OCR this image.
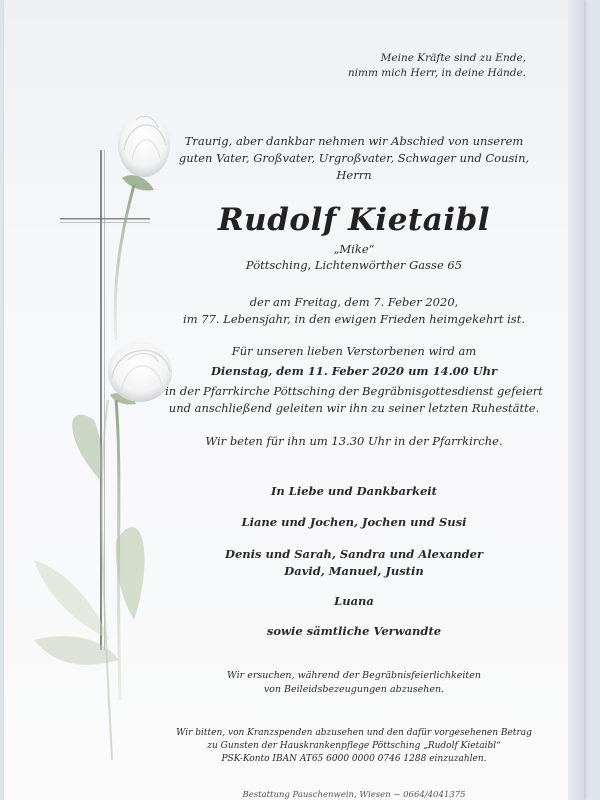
Meine Kräfte sind zu Ende,
nimm mich Herr, in deine Hände.
Traurig, aber dankbar nehmen wir Abschied von unserem
guten Vater, Großvater, Urgroßvater, Schwager und Cousin,
Herrn
Rudolf Kietaibl
„Mike“
Pöttsching, Lichtenwörther Gasse 65
der am Freitag, dem 7. Feber 2020,
im 77. Lebensjahr, in den ewigen Frieden heimgekehrt ist.
Für unseren lieben Verstorbenen wird am
Dienstag, dem 11. Feber 2020 um 14.00 Uhr
in der Pfarrkirche Pöttsching der Begräbnisgottesdienst gefeiert
und anschließend geleiten wir ihn zu seiner letzten Ruhestätte.
Wir beten für ihn um 13.30 Uhr in der Pfarrkirche.
In Liebe und Dankbarkeit
Liane und Jochen, Jochen und Susi
Denis und Sarah, Sandra und Alexander
David, Manuel, Justin
Luana
sowie sämtliche Verwandte
Wir ersuchen, während der Begräbnisfeierlichkeiten
von Beileidsbezeugungen abzusehen.
Wir bitten, von Kranzspenden abzusehen und den dafür vorgesehenen Betrag
zu Gunsten der Hauskrankenpflege Pöttsching „Rudolf Kietaibl“
PSK-Konto IBAN AT65 6000 0000 0746 1288 einzuzahlen.
Bestattung Pauschenwein, Wiesen ~ 0664/4041375
